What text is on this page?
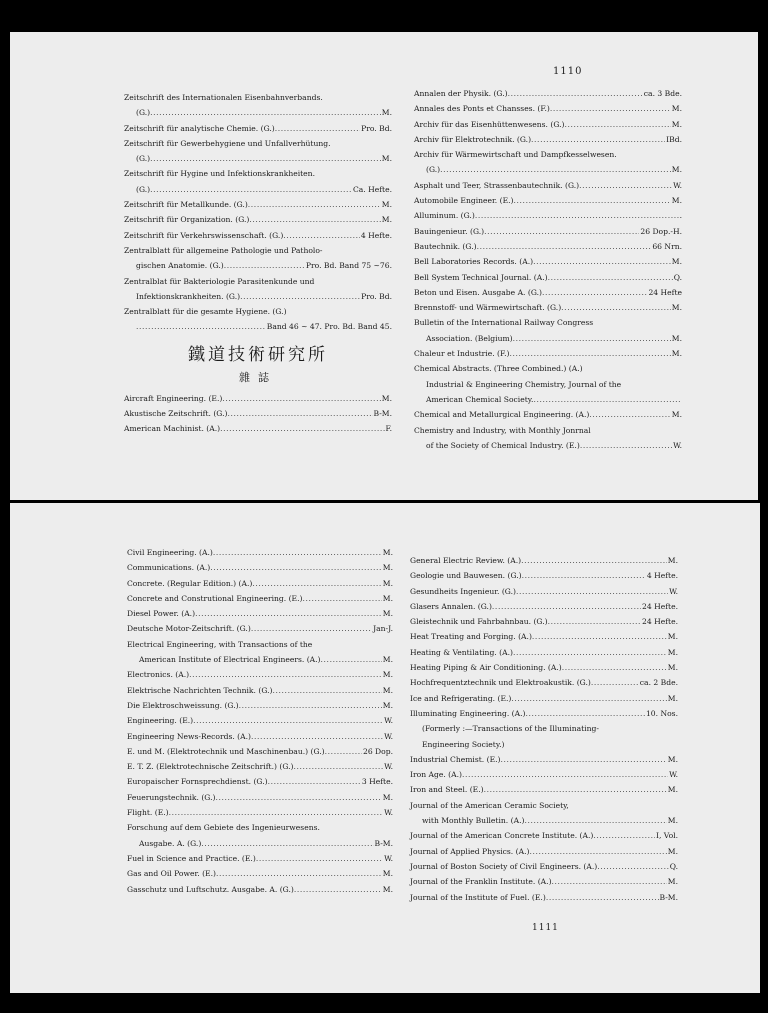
1110
Zeitschrift des Internationalen Eisenbahnverbands.
(G.) .....	M.
Zeitschrift für analytische Chemie. (G.) .....	Pro. Bd.
Zeitschrift für Gewerbehygiene und Unfallverhütung.
(G.) .....	M.
Zeitschrift für Hygine und Infektionskrankheiten.
(G.) .....	Ca. Hefte.
Zeitschrift für Metallkunde. (G.) .....	M.
Zeitschrift für Organization. (G.) .....	M.
Zeitschrift für Verkehrswissenschaft. (G.) .....	4 Hefte.
Zentralblatt für allgemeine Pathologie und Patholo-
gischen Anatomie. (G.) .....	Pro. Bd. Band 75 ~76.
Zentralblat für Bakteriologie Parasitenkunde und
Infektionskrankheiten. (G.) .....	Pro. Bd.
Zentralblatt für die gesamte Hygiene. (G.)
.....
Band 46 ~ 47. Pro. Bd. Band 45.
鐵道技術研究所
雜誌
Aircraft Engineering. (E.) .....	M.
Akustische Zeitschrift. (G.) .....	B-M.
American Machinist. (A.) .....	F.
Annalen der Physik. (G.) .....	ca. 3 Bde.
Annales des Ponts et Chansses. (F.) .....	M.
Archiv für das Eisenhüttenwesens. (G.) .....	M.
Archiv für Elektrotechnik. (G.) .....	IBd.
Archiv für Wärmewirtschaft und Dampfkesselwesen.
(G.) .....	M.
Asphalt und Teer, Strassenbautechnik. (G.) .....	W.
Automobile Engineer. (E.) .....	M.
Alluminum. (G.) .....	.
Bauingenieur. (G.) .....	26 Dop.-H.
Bautechnik. (G.) .....	66 Nrn.
Bell Laboratories Records. (A.) .....	M.
Bell System Technical Journal. (A.) .....	Q.
Beton und Eisen. Ausgabe A. (G.) .....	24 Hefte
Brennstoff- und Wärmewirtschaft. (G.) .....	M.
Bulletin of the International Railway Congress
Association. (Belgium) .....	M.
Chaleur et Industrie. (F.) .....	M.
Chemical Abstracts. (Three Combined.) (A.)
Industrial & Engineering Chemistry, Journal of the
American Chemical Society.
.....
Chemical and Metallurgical Engineering. (A.) .....	M.
Chemistry and Industry, with Monthly Jonrnal
of the Society of Chemical Industry. (E.) .....	W.
Civil Engineering. (A.) .....	M.
Communications. (A.) .....	M.
Concrete. (Regular Edition.) (A.) .....	M.
Concrete and Construtional Engineering. (E.) .....	M.
Diesel Power. (A.) .....	M.
Deutsche Motor-Zeitschrift. (G.) .....	Jan-J.
Electrical Engineering, with Transactions of the
American Institute of Electrical Engineers. (A.) .....	M.
Electronics. (A.) .....	M.
Elektrische Nachrichten Technik. (G.) .....	M.
Die Elektroschweissung. (G.) .....	M.
Engineering. (E.) .....	W.
Engineering News-Records. (A.) .....	W.
E. und M. (Elektrotechnik und Maschinenbau.) (G.) .....	26 Dop.
E. T. Z. (Elektrotechnische Zeitschrift.) (G.) .....	W.
Europaischer Fornsprechdienst. (G.) .....	3 Hefte.
Feuerungstechnik. (G.) .....	M.
Flight. (E.) .....	W.
Forschung auf dem Gebiete des Ingenieurwesens.
Ausgabe. A. (G.) .....	B-M.
Fuel in Science and Practice. (E.) .....	W.
Gas and Oil Power. (E.) .....	M.
Gasschutz und Luftschutz. Ausgabe. A. (G.) .....	M.
General Electric Review. (A.) .....	M.
Geologie und Bauwesen. (G.) .....	4 Hefte.
Gesundheits Ingenieur. (G.) .....	W.
Glasers Annalen. (G.) .....	24 Hefte.
Gleistechnik und Fahrbahnbau. (G.) .....	24 Hefte.
Heat Treating and Forging. (A.) .....	M.
Heating & Ventilating. (A.) .....	M.
Heating Piping & Air Conditioning. (A.) .....	M.
Hochfrequentztechnik und Elektroakustik. (G.) .....	ca. 2 Bde.
Ice and Refrigerating. (E.) .....	M.
Illuminating Engineering. (A.) .....	10. Nos.
(Formerly :—Transactions of the Illuminating-
Engineering Society.)
Industrial Chemist. (E.) .....	M.
Iron Age. (A.) .....	W.
Iron and Steel. (E.) .....	M.
Journal of the American Ceramic Society,
with Monthly Bulletin. (A.) .....	M.
Journal of the American Concrete Institute. (A.) .....	I, Vol.
Journal of Applied Physics. (A.) .....	M.
Journal of Boston Society of Civil Engineers. (A.) .....	Q.
Journal of the Franklin Institute. (A.) .....	M.
Journal of the Institute of Fuel. (E.) .....	B-M.
1111
